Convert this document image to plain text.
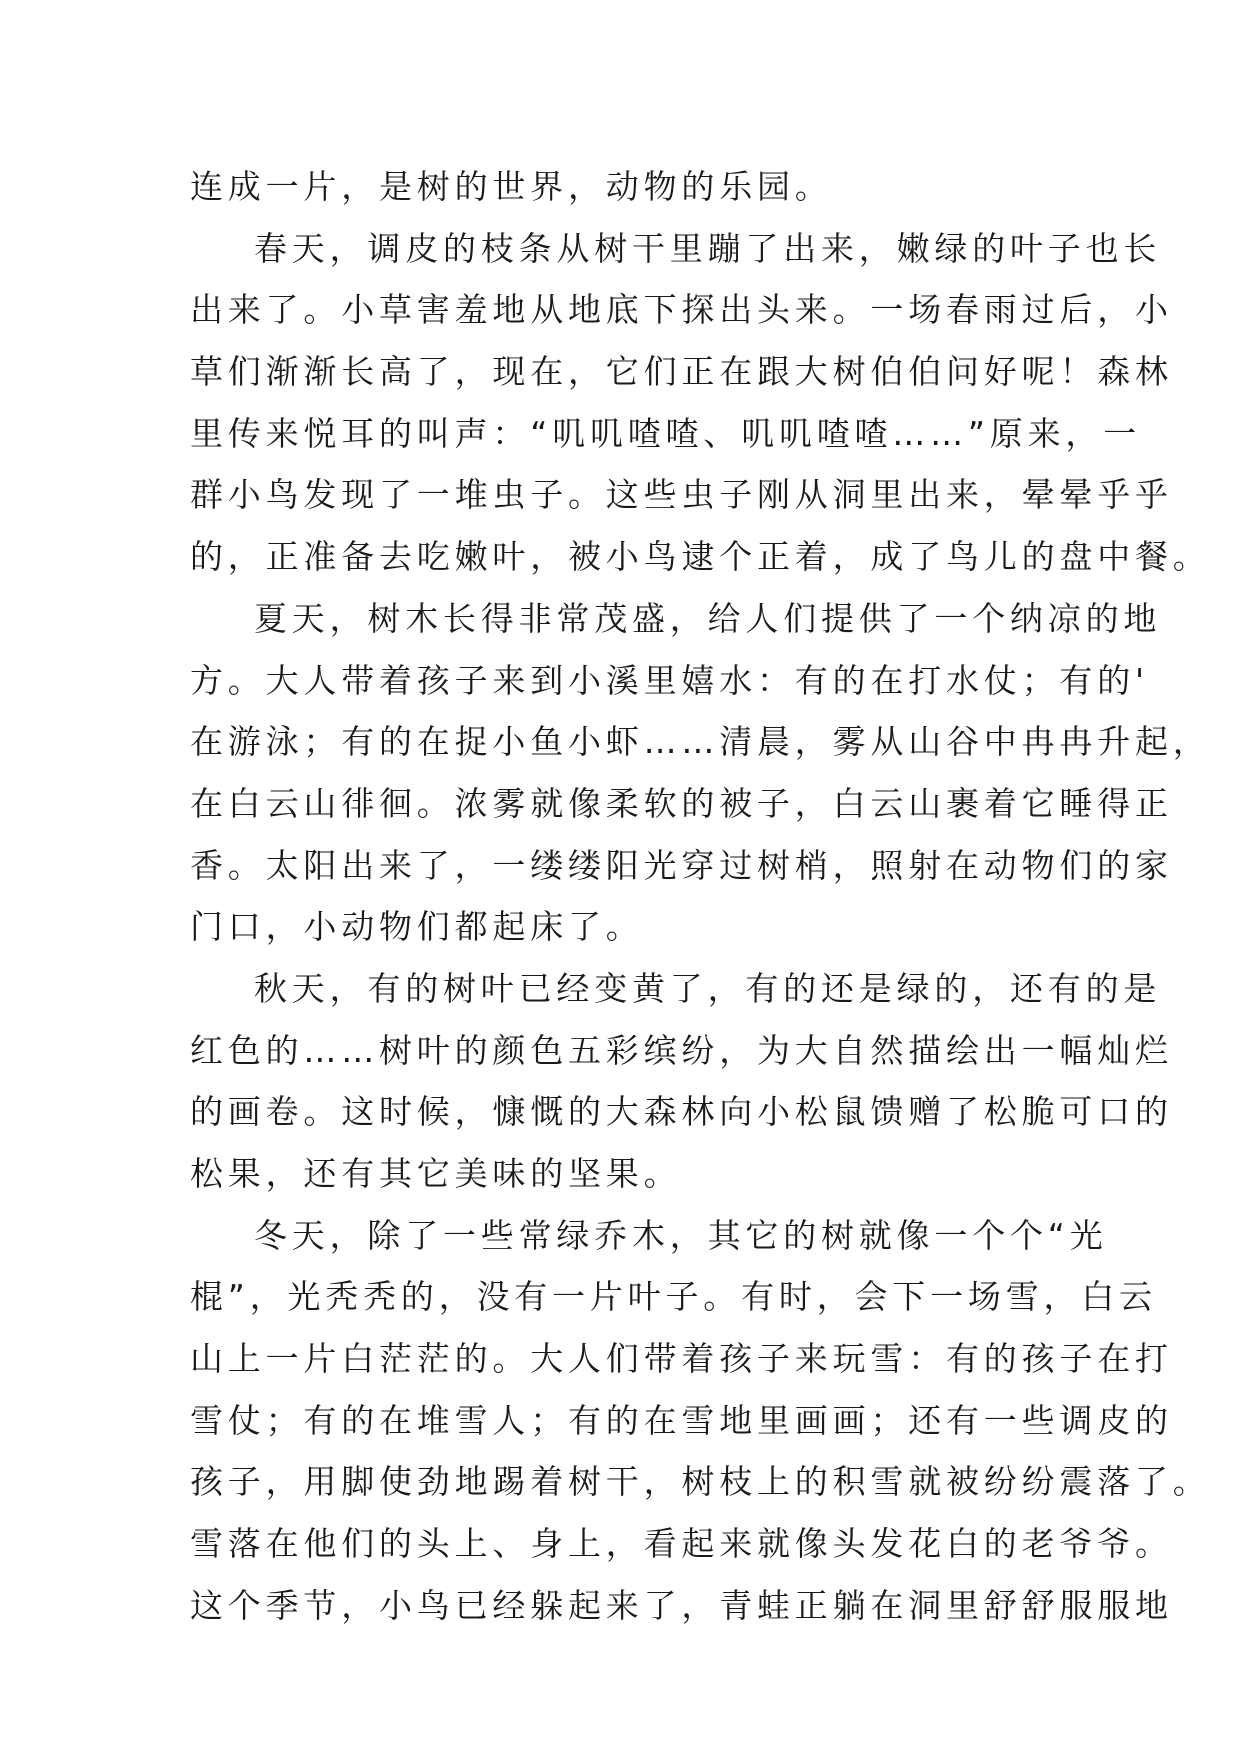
连成一片，是树的世界，动物的乐园。
春天，调皮的枝条从树干里蹦了出来，嫩绿的叶子也长
出来了。小草害羞地从地底下探出头来。一场春雨过后，小
草们渐渐长高了，现在，它们正在跟大树伯伯问好呢！森林
里传来悦耳的叫声：“叽叽喳喳、叽叽喳喳……”原来，一
群小鸟发现了一堆虫子。这些虫子刚从洞里出来，晕晕乎乎
的，正准备去吃嫩叶，被小鸟逮个正着，成了鸟儿的盘中餐。
夏天，树木长得非常茂盛，给人们提供了一个纳凉的地
方。大人带着孩子来到小溪里嬉水：有的在打水仗；有的'
在游泳；有的在捉小鱼小虾……清晨，雾从山谷中冉冉升起，
在白云山徘徊。浓雾就像柔软的被子，白云山裹着它睡得正
香。太阳出来了，一缕缕阳光穿过树梢，照射在动物们的家
门口，小动物们都起床了。
秋天，有的树叶已经变黄了，有的还是绿的，还有的是
红色的……树叶的颜色五彩缤纷，为大自然描绘出一幅灿烂
的画卷。这时候，慷慨的大森林向小松鼠馈赠了松脆可口的
松果，还有其它美味的坚果。
冬天，除了一些常绿乔木，其它的树就像一个个“光
棍”，光秃秃的，没有一片叶子。有时，会下一场雪，白云
山上一片白茫茫的。大人们带着孩子来玩雪：有的孩子在打
雪仗；有的在堆雪人；有的在雪地里画画；还有一些调皮的
孩子，用脚使劲地踢着树干，树枝上的积雪就被纷纷震落了。
雪落在他们的头上、身上，看起来就像头发花白的老爷爷。
这个季节，小鸟已经躲起来了，青蛙正躺在洞里舒舒服服地
